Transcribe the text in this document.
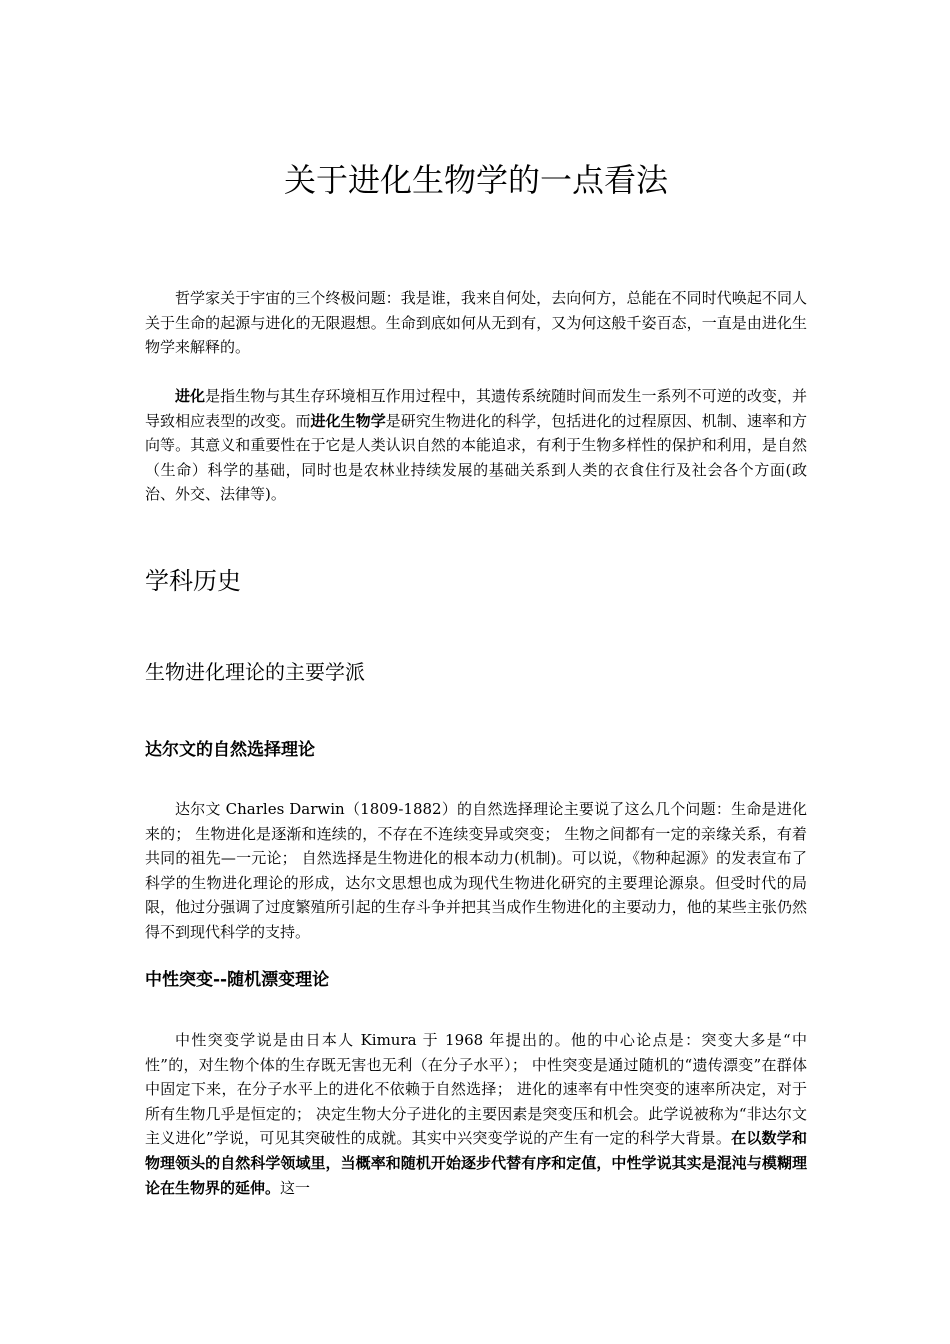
关于进化生物学的一点看法

哲学家关于宇宙的三个终极问题：我是谁，我来自何处，去向何方，总能在不同时代唤起不同人关于生命的起源与进化的无限遐想。生命到底如何从无到有，又为何这般千姿百态，一直是由进化生物学来解释的。

进化是指生物与其生存环境相互作用过程中，其遗传系统随时间而发生一系列不可逆的改变，并导致相应表型的改变。而进化生物学是研究生物进化的科学，包括进化的过程原因、机制、速率和方向等。其意义和重要性在于它是人类认识自然的本能追求，有利于生物多样性的保护和利用，是自然（生命）科学的基础，同时也是农林业持续发展的基础关系到人类的衣食住行及社会各个方面(政治、外交、法律等)。

学科历史
生物进化理论的主要学派
达尔文的自然选择理论

达尔文 Charles Darwin（1809-1882）的自然选择理论主要说了这么几个问题：生命是进化来的； 生物进化是逐渐和连续的，不存在不连续变异或突变； 生物之间都有一定的亲缘关系，有着共同的祖先—一元论； 自然选择是生物进化的根本动力(机制)。可以说，《物种起源》的发表宣布了科学的生物进化理论的形成，达尔文思想也成为现代生物进化研究的主要理论源泉。但受时代的局限，他过分强调了过度繁殖所引起的生存斗争并把其当成作生物进化的主要动力，他的某些主张仍然得不到现代科学的支持。

中性突变--随机漂变理论

中性突变学说是由日本人 Kimura 于 1968 年提出的。他的中心论点是：突变大多是“中性”的，对生物个体的生存既无害也无利（在分子水平）； 中性突变是通过随机的“遗传漂变”在群体中固定下来，在分子水平上的进化不依赖于自然选择； 进化的速率有中性突变的速率所决定，对于所有生物几乎是恒定的； 决定生物大分子进化的主要因素是突变压和机会。此学说被称为“非达尔文主义进化”学说，可见其突破性的成就。其实中兴突变学说的产生有一定的科学大背景。在以数学和物理领头的自然科学领域里，当概率和随机开始逐步代替有序和定值，中性学说其实是混沌与模糊理论在生物界的延伸。这一
